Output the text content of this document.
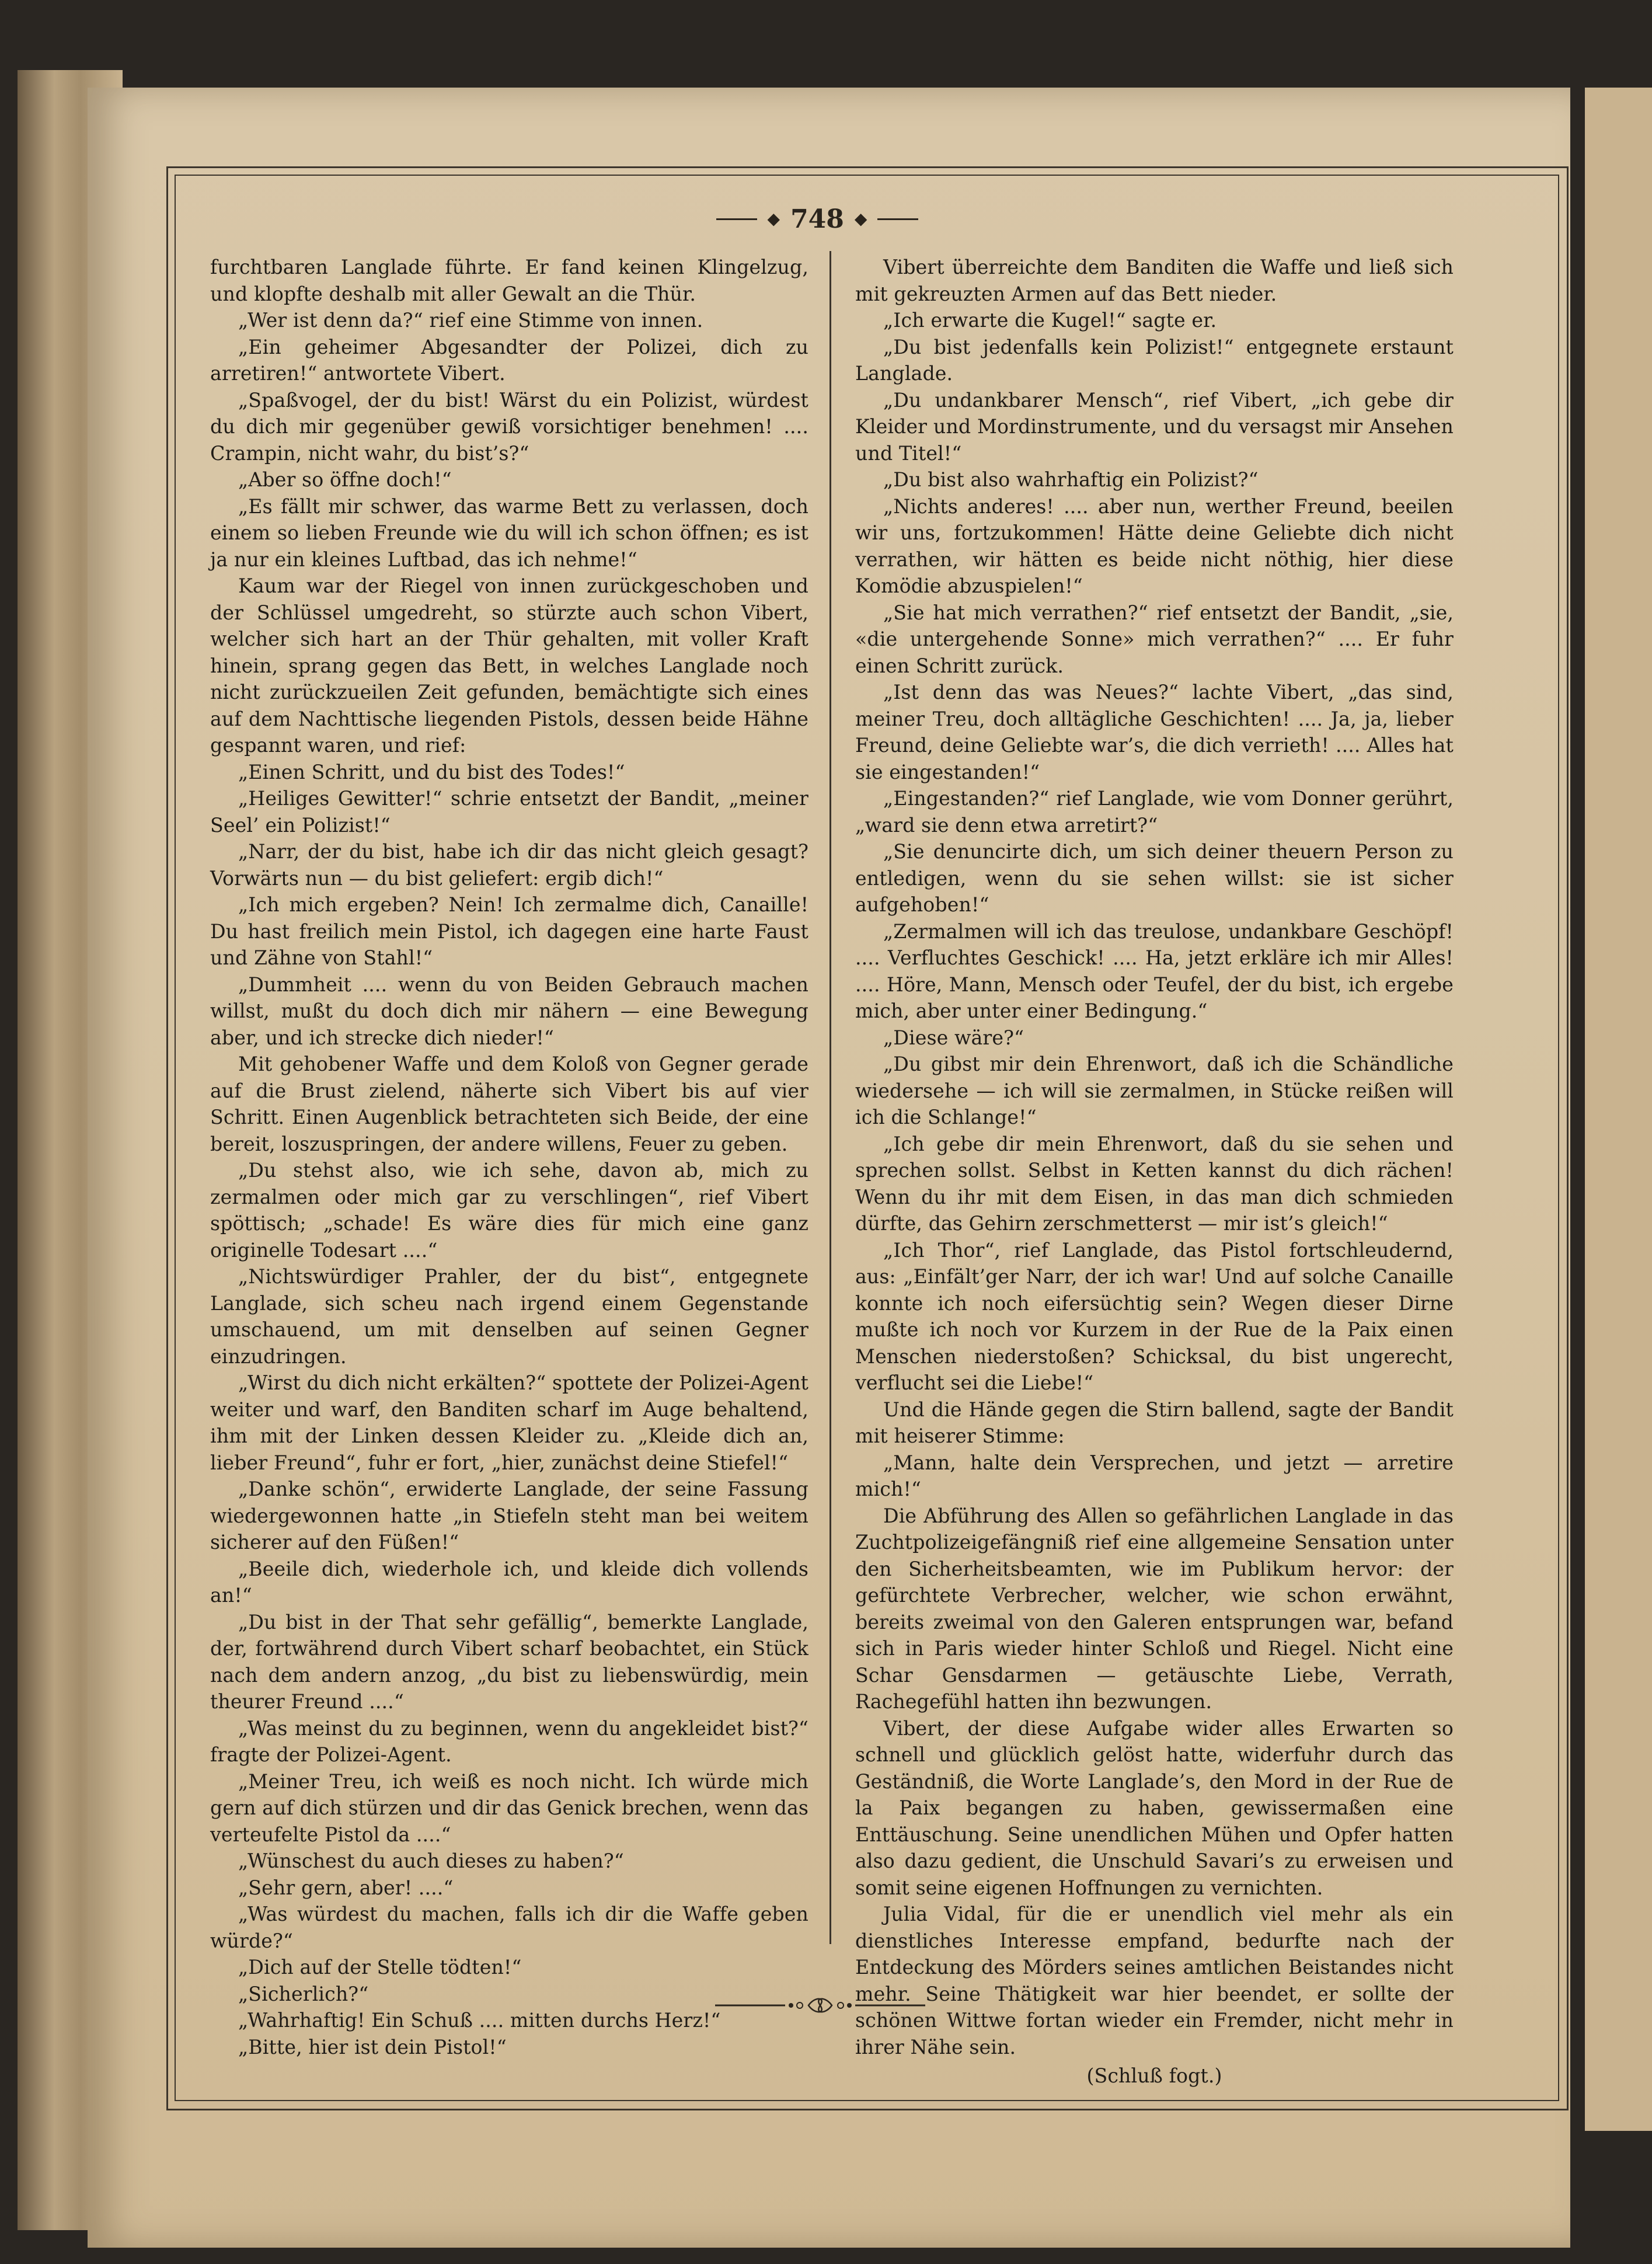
◆ 748 ◆

furchtbaren Langlade führte. Er fand keinen Klingelzug, und klopfte deshalb mit aller Gewalt an die Thür.

„Wer ist denn da?“ rief eine Stimme von innen.

„Ein geheimer Abgesandter der Polizei, dich zu arretiren!“ antwortete Vibert.

„Spaßvogel, der du bist! Wärst du ein Polizist, würdest du dich mir gegenüber gewiß vorsichtiger benehmen! .... Crampin, nicht wahr, du bist’s?“

„Aber so öffne doch!“

„Es fällt mir schwer, das warme Bett zu verlassen, doch einem so lieben Freunde wie du will ich schon öffnen; es ist ja nur ein kleines Luftbad, das ich nehme!“

Kaum war der Riegel von innen zurückgeschoben und der Schlüssel umgedreht, so stürzte auch schon Vibert, welcher sich hart an der Thür gehalten, mit voller Kraft hinein, sprang gegen das Bett, in welches Langlade noch nicht zurückzueilen Zeit gefunden, bemächtigte sich eines auf dem Nachttische liegenden Pistols, dessen beide Hähne gespannt waren, und rief:

„Einen Schritt, und du bist des Todes!“

„Heiliges Gewitter!“ schrie entsetzt der Bandit, „meiner Seel’ ein Polizist!“

„Narr, der du bist, habe ich dir das nicht gleich gesagt? Vorwärts nun — du bist geliefert: ergib dich!“

„Ich mich ergeben? Nein! Ich zermalme dich, Canaille! Du hast freilich mein Pistol, ich dagegen eine harte Faust und Zähne von Stahl!“

„Dummheit .... wenn du von Beiden Gebrauch machen willst, mußt du doch dich mir nähern — eine Bewegung aber, und ich strecke dich nieder!“

Mit gehobener Waffe und dem Koloß von Gegner gerade auf die Brust zielend, näherte sich Vibert bis auf vier Schritt. Einen Augenblick betrachteten sich Beide, der eine bereit, loszuspringen, der andere willens, Feuer zu geben.

„Du stehst also, wie ich sehe, davon ab, mich zu zermalmen oder mich gar zu verschlingen“, rief Vibert spöttisch; „schade! Es wäre dies für mich eine ganz originelle Todesart ....“

„Nichtswürdiger Prahler, der du bist“, entgegnete Langlade, sich scheu nach irgend einem Gegenstande umschauend, um mit denselben auf seinen Gegner einzudringen.

„Wirst du dich nicht erkälten?“ spottete der Polizei-Agent weiter und warf, den Banditen scharf im Auge behaltend, ihm mit der Linken dessen Kleider zu. „Kleide dich an, lieber Freund“, fuhr er fort, „hier, zunächst deine Stiefel!“

„Danke schön“, erwiderte Langlade, der seine Fassung wiedergewonnen hatte „in Stiefeln steht man bei weitem sicherer auf den Füßen!“

„Beeile dich, wiederhole ich, und kleide dich vollends an!“

„Du bist in der That sehr gefällig“, bemerkte Langlade, der, fortwährend durch Vibert scharf beobachtet, ein Stück nach dem andern anzog, „du bist zu liebenswürdig, mein theurer Freund ....“

„Was meinst du zu beginnen, wenn du angekleidet bist?“ fragte der Polizei-Agent.

„Meiner Treu, ich weiß es noch nicht. Ich würde mich gern auf dich stürzen und dir das Genick brechen, wenn das verteufelte Pistol da ....“

„Wünschest du auch dieses zu haben?“

„Sehr gern, aber! ....“

„Was würdest du machen, falls ich dir die Waffe geben würde?“

„Dich auf der Stelle tödten!“

„Sicherlich?“

„Wahrhaftig! Ein Schuß .... mitten durchs Herz!“

„Bitte, hier ist dein Pistol!“

Vibert überreichte dem Banditen die Waffe und ließ sich mit gekreuzten Armen auf das Bett nieder.

„Ich erwarte die Kugel!“ sagte er.

„Du bist jedenfalls kein Polizist!“ entgegnete erstaunt Langlade.

„Du undankbarer Mensch“, rief Vibert, „ich gebe dir Kleider und Mordinstrumente, und du versagst mir Ansehen und Titel!“

„Du bist also wahrhaftig ein Polizist?“

„Nichts anderes! .... aber nun, werther Freund, beeilen wir uns, fortzukommen! Hätte deine Geliebte dich nicht verrathen, wir hätten es beide nicht nöthig, hier diese Komödie abzuspielen!“

„Sie hat mich verrathen?“ rief entsetzt der Bandit, „sie, «die untergehende Sonne» mich verrathen?“ .... Er fuhr einen Schritt zurück.

„Ist denn das was Neues?“ lachte Vibert, „das sind, meiner Treu, doch alltägliche Geschichten! .... Ja, ja, lieber Freund, deine Geliebte war’s, die dich verrieth! .... Alles hat sie eingestanden!“

„Eingestanden?“ rief Langlade, wie vom Donner gerührt, „ward sie denn etwa arretirt?“

„Sie denuncirte dich, um sich deiner theuern Person zu entledigen, wenn du sie sehen willst: sie ist sicher aufgehoben!“

„Zermalmen will ich das treulose, undankbare Geschöpf! .... Verfluchtes Geschick! .... Ha, jetzt erkläre ich mir Alles! .... Höre, Mann, Mensch oder Teufel, der du bist, ich ergebe mich, aber unter einer Bedingung.“

„Diese wäre?“

„Du gibst mir dein Ehrenwort, daß ich die Schändliche wiedersehe — ich will sie zermalmen, in Stücke reißen will ich die Schlange!“

„Ich gebe dir mein Ehrenwort, daß du sie sehen und sprechen sollst. Selbst in Ketten kannst du dich rächen! Wenn du ihr mit dem Eisen, in das man dich schmieden dürfte, das Gehirn zerschmetterst — mir ist’s gleich!“

„Ich Thor“, rief Langlade, das Pistol fortschleudernd, aus: „Einfält’ger Narr, der ich war! Und auf solche Canaille konnte ich noch eifersüchtig sein? Wegen dieser Dirne mußte ich noch vor Kurzem in der Rue de la Paix einen Menschen niederstoßen? Schicksal, du bist ungerecht, verflucht sei die Liebe!“

Und die Hände gegen die Stirn ballend, sagte der Bandit mit heiserer Stimme:

„Mann, halte dein Versprechen, und jetzt — arretire mich!“

Die Abführung des Allen so gefährlichen Langlade in das Zuchtpolizeigefängniß rief eine allgemeine Sensation unter den Sicherheitsbeamten, wie im Publikum hervor: der gefürchtete Verbrecher, welcher, wie schon erwähnt, bereits zweimal von den Galeren entsprungen war, befand sich in Paris wieder hinter Schloß und Riegel. Nicht eine Schar Gensdarmen — getäuschte Liebe, Verrath, Rachegefühl hatten ihn bezwungen.

Vibert, der diese Aufgabe wider alles Erwarten so schnell und glücklich gelöst hatte, widerfuhr durch das Geständniß, die Worte Langlade’s, den Mord in der Rue de la Paix begangen zu haben, gewissermaßen eine Enttäuschung. Seine unendlichen Mühen und Opfer hatten also dazu gedient, die Unschuld Savari’s zu erweisen und somit seine eigenen Hoffnungen zu vernichten.

Julia Vidal, für die er unendlich viel mehr als ein dienstliches Interesse empfand, bedurfte nach der Entdeckung des Mörders seines amtlichen Beistandes nicht mehr. Seine Thätigkeit war hier beendet, er sollte der schönen Wittwe fortan wieder ein Fremder, nicht mehr in ihrer Nähe sein.

(Schluß fogt.)
